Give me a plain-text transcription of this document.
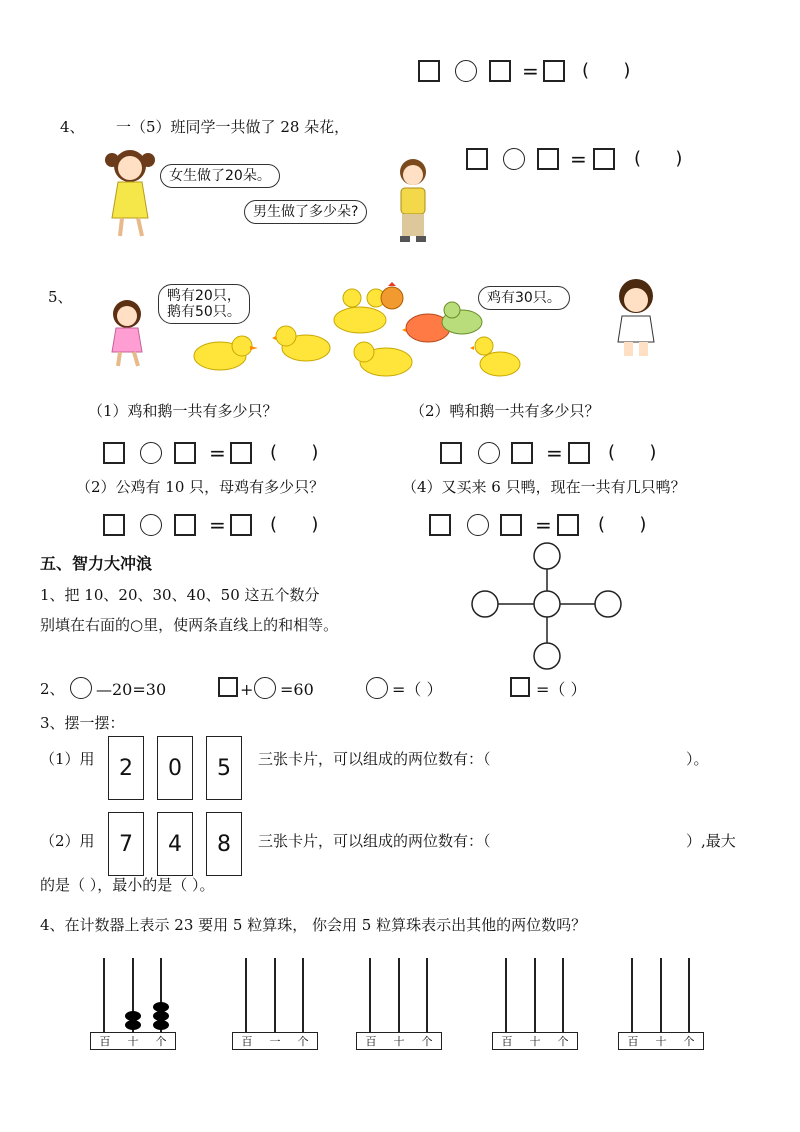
= (      )
4、 一（5）班同学一共做了 28 朵花，
女生做了20朵。
男生做了多少朵?
=	(      )
5、	鸭有20只，
鹅有50只。
鸡有30只。
（1）鸡和鹅一共有多少只？	（2）鸭和鹅一共有多少只？
= (      )	=	(      )
（2）公鸡有 10 只，母鸡有多少只？	（4）又买来 6 只鸭，现在一共有几只鸭？
= (      )	=	(      )
五、智力大冲浪
1、把 10、20、30、40、50 这五个数分
别填在右面的○里，使两条直线上的和相等。
2、 —20=30	+ =60	=（ ）	=（ ）
3、摆一摆：
（1）用	2	0	5	三张卡片，可以组成的两位数有：（	）。
（2）用	7	4	8	三张卡片，可以组成的两位数有：（	）,最大
的是（ ），最小的是（ ）。
4、在计数器上表示 23 要用 5 粒算珠， 你会用 5 粒算珠表示出其他的两位数吗？
百 十 个	百 一 个	百 十 个	百 十 个	百 十 个
